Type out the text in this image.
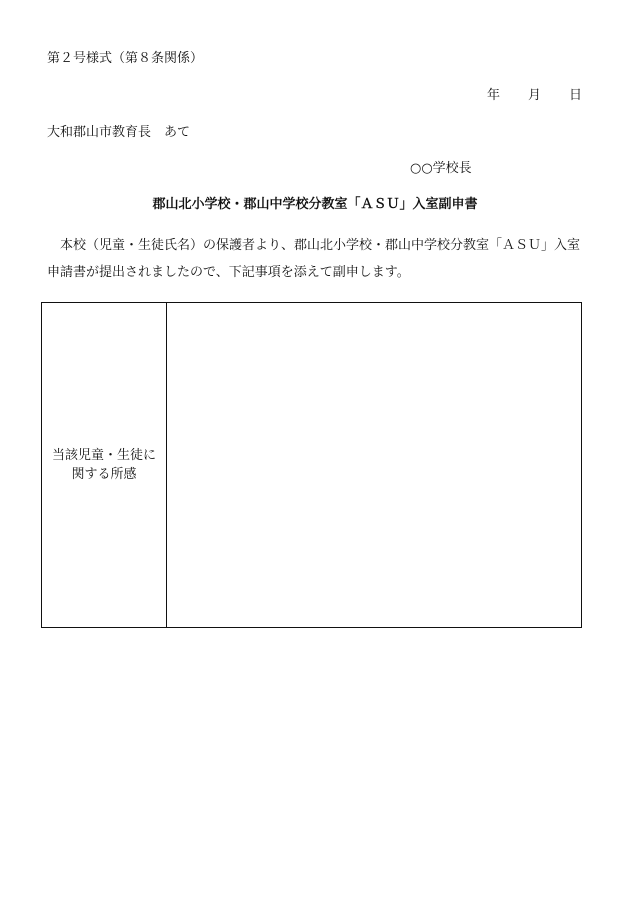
第２号様式（第８条関係）
年 月 日
大和郡山市教育長　あて
○○学校長
郡山北小学校・郡山中学校分教室「ＡＳＵ」入室副申書
本校（児童・生徒氏名）の保護者より、郡山北小学校・郡山中学校分教室「ＡＳＵ」入室申請書が提出されましたので、下記事項を添えて副申します。
当該児童・生徒に
関する所感
